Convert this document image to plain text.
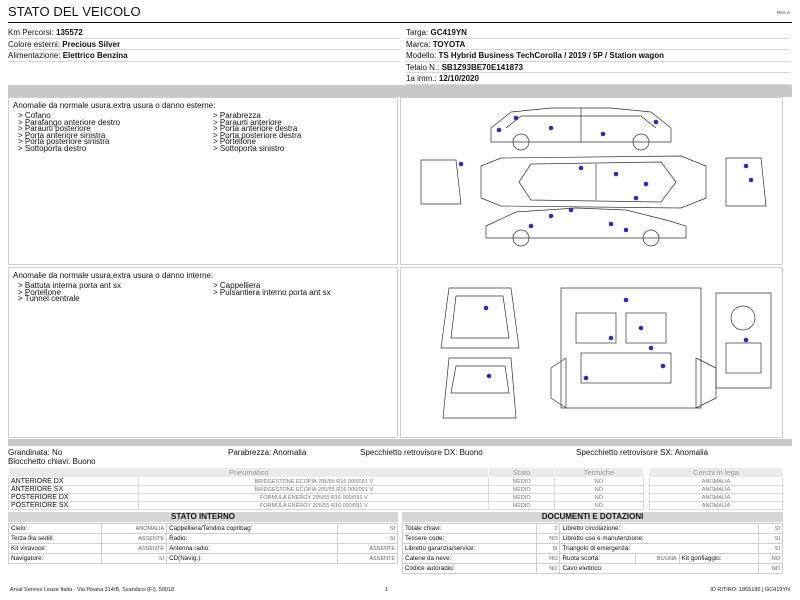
STATO DEL VEICOLO	Rev. A
Km Percorsi: 135572
Colore esterni: Precious Silver
Alimentazione: Elettrico Benzina
Targa: GC419YN
Marca: TOYOTA
Modello: TS Hybrid Business TechCorolla / 2019 / 5P / Station wagon
Telaio N.: SB1Z93BE70E141873
1a imm.: 12/10/2020
Anomalie da normale usura,extra usura o danno esterne:
> Cofano	> Parabrezza
> Parafango anteriore destro	> Paraurti anteriore
> Paraurti posteriore	> Porta anteriore destra
> Porta anteriore sinistra	> Porta posteriore destra
> Porta posteriore sinistra	> Portellone
> Sottoporta destro	> Sottoporta sinistro
Anomalie da normale usura,extra usura o danno interne:
> Battuta interna porta ant sx	> Cappelliera
> Portellone	> Pulsantiera interno porta ant sx
> Tunnel centrale
Grandinata: No	Parabrezza: Anomalia	Specchietto retrovisore DX: Buono	Specchietto retrovisore SX: Anomalia
Blocchetto chiavi: Buono
Pneumatico		Stato	Termiche		Cerchi in lega
ANTERIORE DX	BRIDGESTONE ECOPIA 205/55 R16 000/091 V	MEDIO	NO		ANOMALIA
ANTERIORE SX	BRIDGESTONE ECOPIA 205/55 R16 000/091 V	MEDIO	NO		ANOMALIA
POSTERIORE DX	FORMULA ENERGY 205/55 R16 000/091 V	MEDIO	NO		ANOMALIA
POSTERIORE SX	FORMULA ENERGY 205/55 R16 000/091 V	MEDIO	NO		ANOMALIA
STATO INTERNO
Cielo:	ANOMALIA	Cappelliera/Tendina copribag:	SI
Terza fila sedili:	ASSENTE	Radio:	SI
Kit vivavoce:	ASSENTE	Antenna radio:	ASSENTE
Navigatore:	SI	CD(Navig.):	ASSENTE
DOCUMENTI E DOTAZIONI
Totale chiavi:	2	Libretto circolazione:			SI
Tessere code:	NO	Libretto uso e manutenzione:			SI
Libretto garanzia/service:	SI	Triangolo di emergenza:			SI
Catene da neve:	NO	Ruota scorta:	BUONA	Kit gonfiaggio:	NO
Codice autoradio:	NO	Cavo elettrico:			NO
Arval Service Lease Italia - Via Pisana 314/B, Scandicci (FI), 50018	1	ID RITIRO: 1865186 | GC419YN
